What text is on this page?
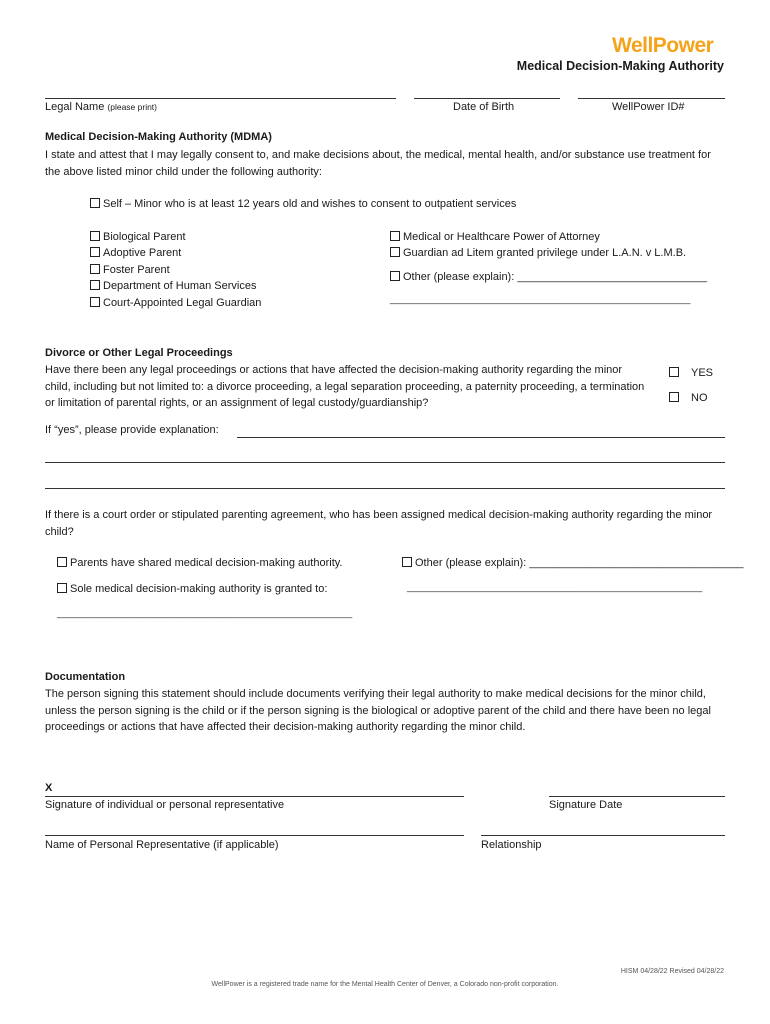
WellPower
Medical Decision-Making Authority
Legal Name (please print)	Date of Birth	WellPower ID#
Medical Decision-Making Authority (MDMA)
I state and attest that I may legally consent to, and make decisions about, the medical, mental health, and/or substance use treatment for the above listed minor child under the following authority:
Self – Minor who is at least 12 years old and wishes to consent to outpatient services
Biological Parent
Adoptive Parent
Foster Parent
Department of Human Services
Court-Appointed Legal Guardian
Medical or Healthcare Power of Attorney
Guardian ad Litem granted privilege under L.A.N. v L.M.B.
Other (please explain): _______________________________
____________________________________________________________
Divorce or Other Legal Proceedings
Have there been any legal proceedings or actions that have affected the decision-making authority regarding the minor child, including but not limited to: a divorce proceeding, a legal separation proceeding, a paternity proceeding, a termination or limitation of parental rights, or an assignment of legal custody/guardianship?
YES
NO
If “yes”, please provide explanation:
If there is a court order or stipulated parenting agreement, who has been assigned medical decision-making authority regarding the minor child?
Parents have shared medical decision-making authority.	Other (please explain): ___________________________________
Sole medical decision-making authority is granted to:	___________________________________________________________
___________________________________________________________
Documentation
The person signing this statement should include documents verifying their legal authority to make medical decisions for the minor child, unless the person signing is the child or if the person signing is the biological or adoptive parent of the child and there have been no legal proceedings or actions that have affected their decision-making authority regarding the minor child.
X
Signature of individual or personal representative	Signature Date
Name of Personal Representative (if applicable)	Relationship
HISM 04/28/22 Revised 04/28/22
WellPower is a registered trade name for the Mental Health Center of Denver, a Colorado non-profit corporation.
